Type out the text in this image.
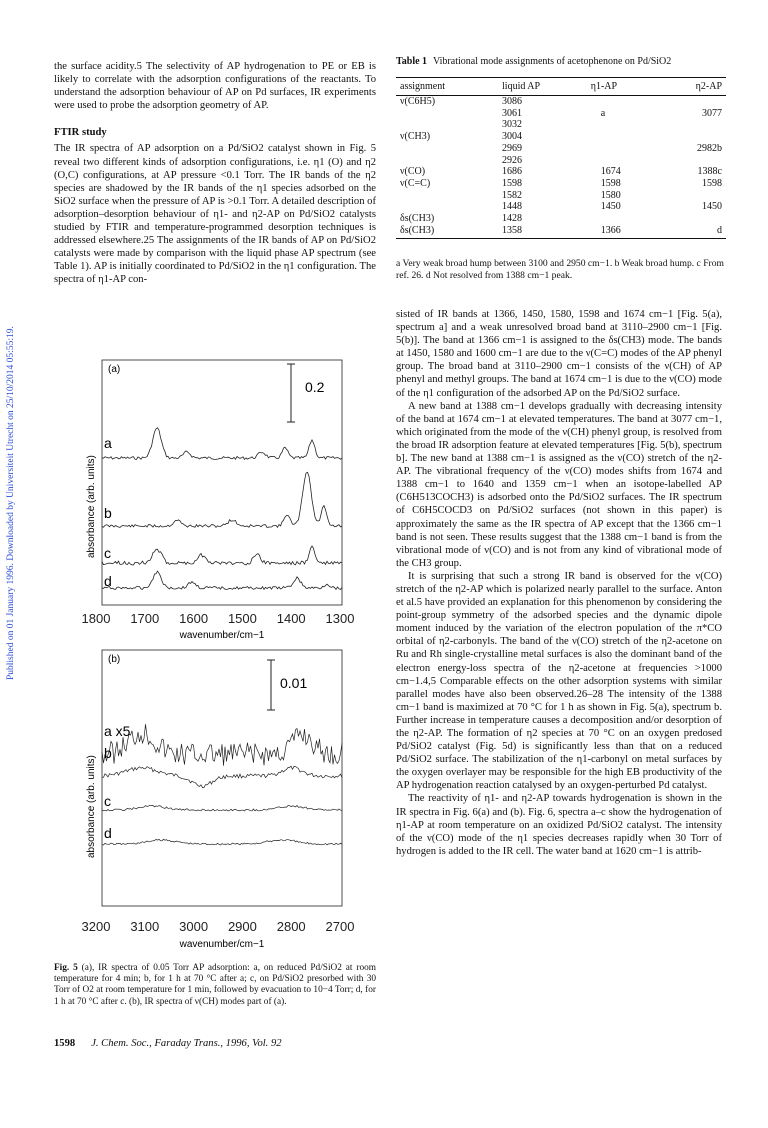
Published on 01 January 1996. Downloaded by Universiteit Utrecht on 25/10/2014 05:55:19.

the surface acidity.5 The selectivity of AP hydrogenation to PE or EB is likely to correlate with the adsorption configurations of the reactants. To understand the adsorption behaviour of AP on Pd surfaces, IR experiments were used to probe the adsorption geometry of AP.

FTIR study

The IR spectra of AP adsorption on a Pd/SiO2 catalyst shown in Fig. 5 reveal two different kinds of adsorption configurations, i.e. η1 (O) and η2 (O,C) configurations, at AP pressure <0.1 Torr. The IR bands of the η2 species are shadowed by the IR bands of the η1 species adsorbed on the SiO2 surface when the pressure of AP is >0.1 Torr. A detailed description of adsorption–desorption behaviour of η1- and η2-AP on Pd/SiO2 catalysts studied by FTIR and temperature-programmed desorption techniques is addressed elsewhere.25 The assignments of the IR bands of AP on Pd/SiO2 catalysts were made by comparison with the liquid phase AP spectrum (see Table 1). AP is initially coordinated to Pd/SiO2 in the η1 configuration. The spectra of η1-AP con-

Table 1 Vibrational mode assignments of acetophenone on Pd/SiO2
assignment	liquid AP	η1-AP	η2-AP
ν(C6H5)	3086		
	3061	a	3077
	3032		
ν(CH3)	3004		
	2969		2982b
	2926		
ν(CO)	1686	1674	1388c
ν(C=C)	1598	1598	1598
	1582	1580	
	1448	1450	1450
δs(CH3)	1428		
δs(CH3)	1358	1366	d
a Very weak broad hump between 3100 and 2950 cm−1. b Weak broad hump. c From ref. 26. d Not resolved from 1388 cm−1 peak.

sisted of IR bands at 1366, 1450, 1580, 1598 and 1674 cm−1 [Fig. 5(a), spectrum a] and a weak unresolved broad band at 3110–2900 cm−1 [Fig. 5(b)]. The band at 1366 cm−1 is assigned to the δs(CH3) mode. The bands at 1450, 1580 and 1600 cm−1 are due to the ν(C=C) modes of the AP phenyl group. The broad band at 3110–2900 cm−1 consists of the ν(CH) of AP phenyl and methyl groups. The band at 1674 cm−1 is due to the ν(CO) mode of the η1 configuration of the adsorbed AP on the Pd/SiO2 surface.

A new band at 1388 cm−1 develops gradually with decreasing intensity of the band at 1674 cm−1 at elevated temperatures. The band at 3077 cm−1, which originated from the mode of the ν(CH) phenyl group, is resolved from the broad IR adsorption feature at elevated temperatures [Fig. 5(b), spectrum b]. The new band at 1388 cm−1 is assigned as the ν(CO) stretch of the η2-AP. The vibrational frequency of the ν(CO) modes shifts from 1674 and 1388 cm−1 to 1640 and 1359 cm−1 when an isotope-labelled AP (C6H513COCH3) is adsorbed onto the Pd/SiO2 surfaces. The IR spectrum of C6H5COCD3 on Pd/SiO2 surfaces (not shown in this paper) is approximately the same as the IR spectra of AP except that the 1366 cm−1 band is not seen. These results suggest that the 1388 cm−1 band is from the vibrational mode of ν(CO) and is not from any kind of vibrational mode of the CH3 group.

It is surprising that such a strong IR band is observed for the ν(CO) stretch of the η2-AP which is polarized nearly parallel to the surface. Anton et al.5 have provided an explanation for this phenomenon by considering the point-group symmetry of the adsorbed species and the dynamic dipole moment induced by the variation of the electron population of the π*CO orbital of η2-carbonyls. The band of the ν(CO) stretch of the η2-acetone on Ru and Rh single-crystalline metal surfaces is also the dominant band of the electron energy-loss spectra of the η2-acetone at frequencies >1000 cm−1.4,5 Comparable effects on the other adsorption systems with similar parallel modes have also been observed.26–28 The intensity of the 1388 cm−1 band is maximized at 70 °C for 1 h as shown in Fig. 5(a), spectrum b. Further increase in temperature causes a decomposition and/or desorption of the η2-AP. The formation of η2 species at 70 °C on an oxygen predosed Pd/SiO2 catalyst (Fig. 5d) is significantly less than that on a reduced Pd/SiO2 surface. The stabilization of the η1-carbonyl on metal surfaces by the oxygen overlayer may be responsible for the high EB productivity of the AP hydrogenation reaction catalysed by an oxygen-perturbed Pd catalyst.

The reactivity of η1- and η2-AP towards hydrogenation is shown in the IR spectra in Fig. 6(a) and (b). Fig. 6, spectra a–c show the hydrogenation of η1-AP at room temperature on an oxidized Pd/SiO2 catalyst. The intensity of the ν(CO) mode of the η1 species decreases rapidly when 30 Torr of hydrogen is added to the IR cell. The water band at 1620 cm−1 is attrib-

(a)
0.2
absorbance (arb. units)
a
b
c
d
1800 1700 1600 1500 1400 1300
wavenumber/cm−1
(b)
0.01
absorbance (arb. units)
a x5
b
c
d
3200 3100 3000 2900 2800 2700
wavenumber/cm−1
Fig. 5 (a), IR spectra of 0.05 Torr AP adsorption: a, on reduced Pd/SiO2 at room temperature for 4 min; b, for 1 h at 70 °C after a; c, on Pd/SiO2 presorbed with 30 Torr of O2 at room temperature for 1 min, followed by evacuation to 10−4 Torr; d, for 1 h at 70 °C after c. (b), IR spectra of ν(CH) modes part of (a).
1598 J. Chem. Soc., Faraday Trans., 1996, Vol. 92
